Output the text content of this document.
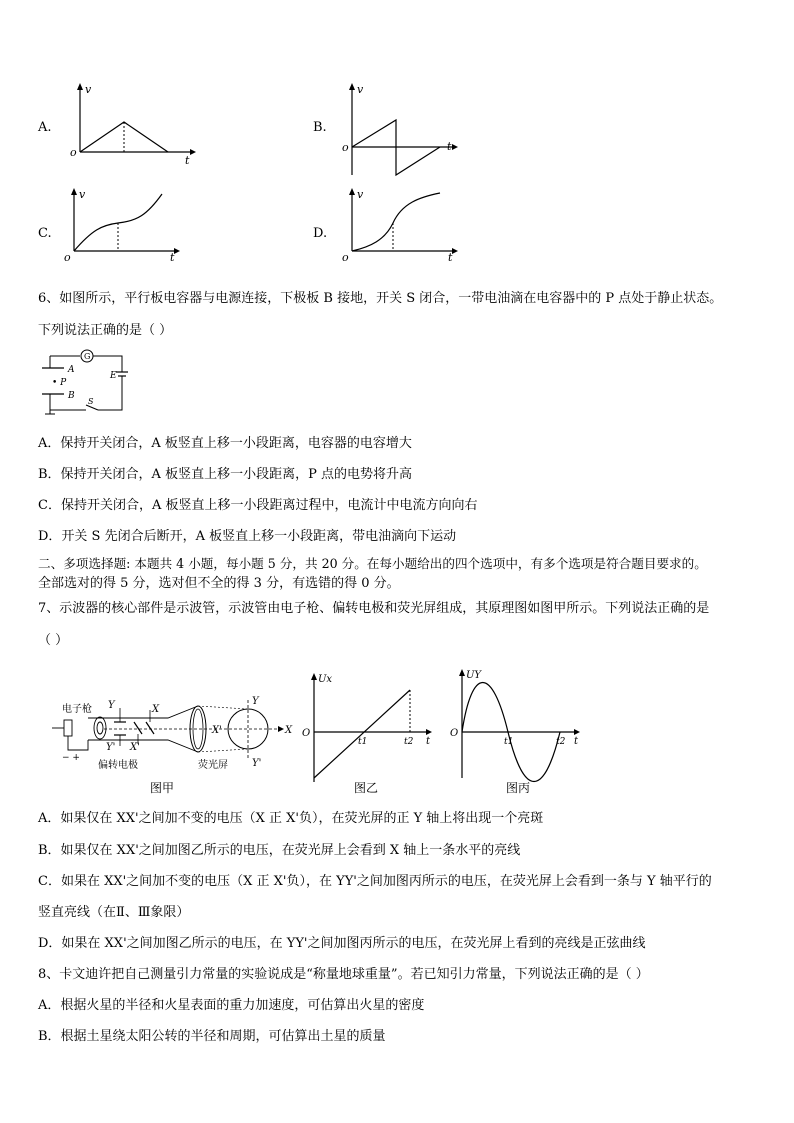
A.
v
o
t
B.
v
o	t
C.
v
o	t
D.
v
o	t
6、如图所示，平行板电容器与电源连接，下极板 B 接地，开关 S 闭合，一带电油滴在电容器中的 P 点处于静止状态。
下列说法正确的是（ ）
G
A
• P
B
E
S
A．保持开关闭合，A 板竖直上移一小段距离，电容器的电容增大
B．保持开关闭合，A 板竖直上移一小段距离，P 点的电势将升高
C．保持开关闭合，A 板竖直上移一小段距离过程中，电流计中电流方向向右
D．开关 S 先闭合后断开，A 板竖直上移一小段距离，带电油滴向下运动
二、多项选择题: 本题共 4 小题，每小题 5 分，共 20 分。在每小题给出的四个选项中，有多个选项是符合题目要求的。
全部选对的得 5 分，选对但不全的得 3 分，有选错的得 0 分。
7、示波器的核心部件是示波管，示波管由电子枪、偏转电极和荧光屏组成，其原理图如图甲所示。下列说法正确的是
（ ）
电子枪 Y	X
Y' X'
− +
偏转电极	荧光屏
Y
Y'
X'	X
图甲
Ux
O
t
t1	t2
图乙
UY
O
t
t1	t2
图丙
A．如果仅在 XX'之间加不变的电压（X 正 X'负），在荧光屏的正 Y 轴上将出现一个亮斑
B．如果仅在 XX'之间加图乙所示的电压，在荧光屏上会看到 X 轴上一条水平的亮线
C．如果在 XX'之间加不变的电压（X 正 X'负），在 YY'之间加图丙所示的电压，在荧光屏上会看到一条与 Y 轴平行的
竖直亮线（在Ⅱ、Ⅲ象限）
D．如果在 XX'之间加图乙所示的电压，在 YY'之间加图丙所示的电压，在荧光屏上看到的亮线是正弦曲线
8、卡文迪许把自己测量引力常量的实验说成是“称量地球重量”。若已知引力常量，下列说法正确的是（ ）
A．根据火星的半径和火星表面的重力加速度，可估算出火星的密度
B．根据土星绕太阳公转的半径和周期，可估算出土星的质量
